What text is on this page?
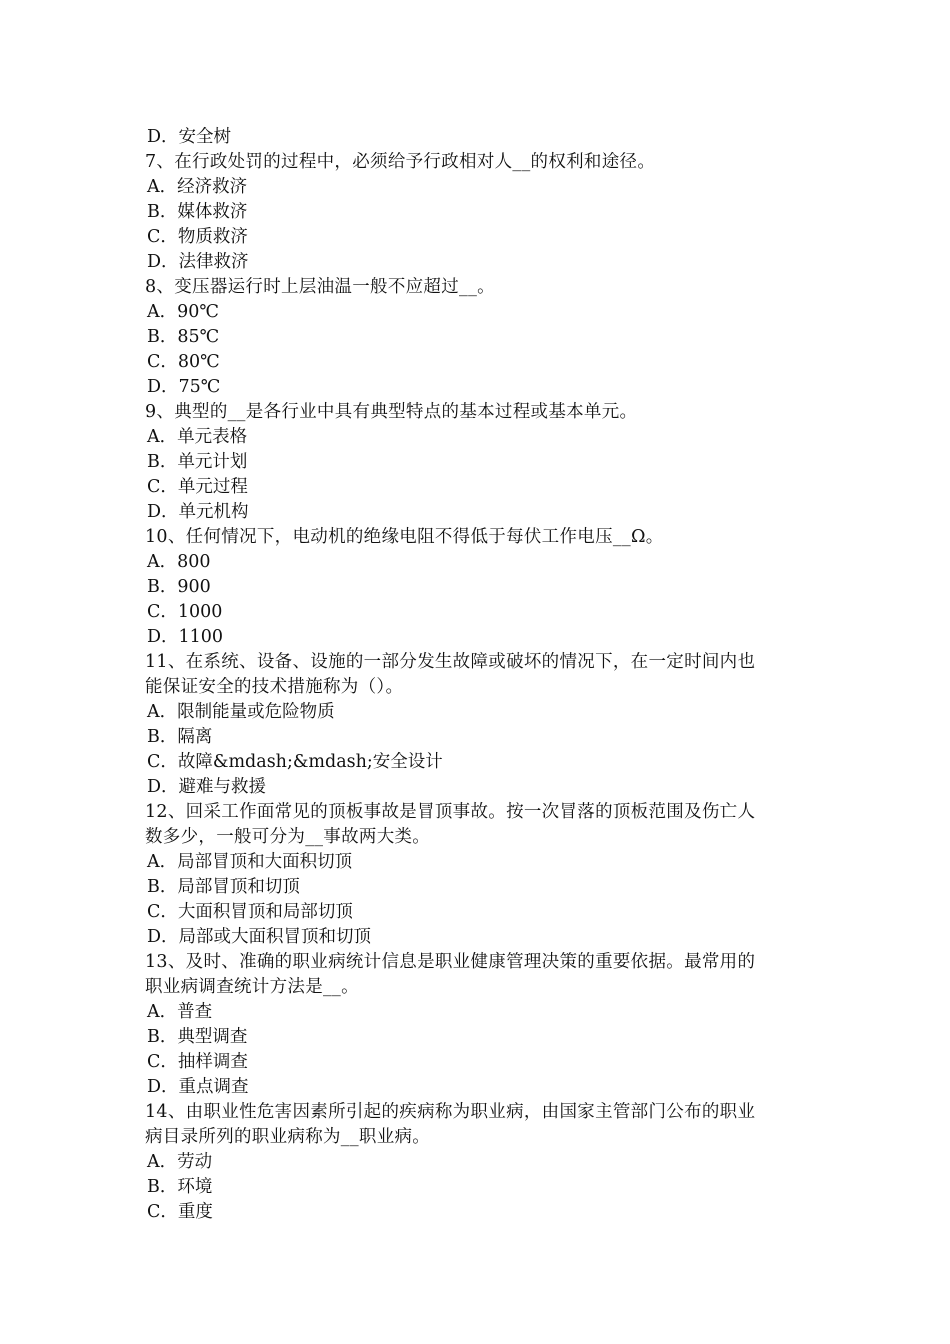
D．安全树
7、在行政处罚的过程中，必须给予行政相对人__的权利和途径。
A．经济救济
B．媒体救济
C．物质救济
D．法律救济
8、变压器运行时上层油温一般不应超过__。
A．90℃
B．85℃
C．80℃
D．75℃
9、典型的__是各行业中具有典型特点的基本过程或基本单元。
A．单元表格
B．单元计划
C．单元过程
D．单元机构
10、任何情况下，电动机的绝缘电阻不得低于每伏工作电压__Ω。
A．800
B．900
C．1000
D．1100
11、在系统、设备、设施的一部分发生故障或破坏的情况下，在一定时间内也
能保证安全的技术措施称为（）。
A．限制能量或危险物质
B．隔离
C．故障&mdash;&mdash;安全设计
D．避难与救援
12、回采工作面常见的顶板事故是冒顶事故。按一次冒落的顶板范围及伤亡人
数多少，一般可分为__事故两大类。
A．局部冒顶和大面积切顶
B．局部冒顶和切顶
C．大面积冒顶和局部切顶
D．局部或大面积冒顶和切顶
13、及时、准确的职业病统计信息是职业健康管理决策的重要依据。最常用的
职业病调查统计方法是__。
A．普查
B．典型调查
C．抽样调查
D．重点调查
14、由职业性危害因素所引起的疾病称为职业病，由国家主管部门公布的职业
病目录所列的职业病称为__职业病。
A．劳动
B．环境
C．重度
